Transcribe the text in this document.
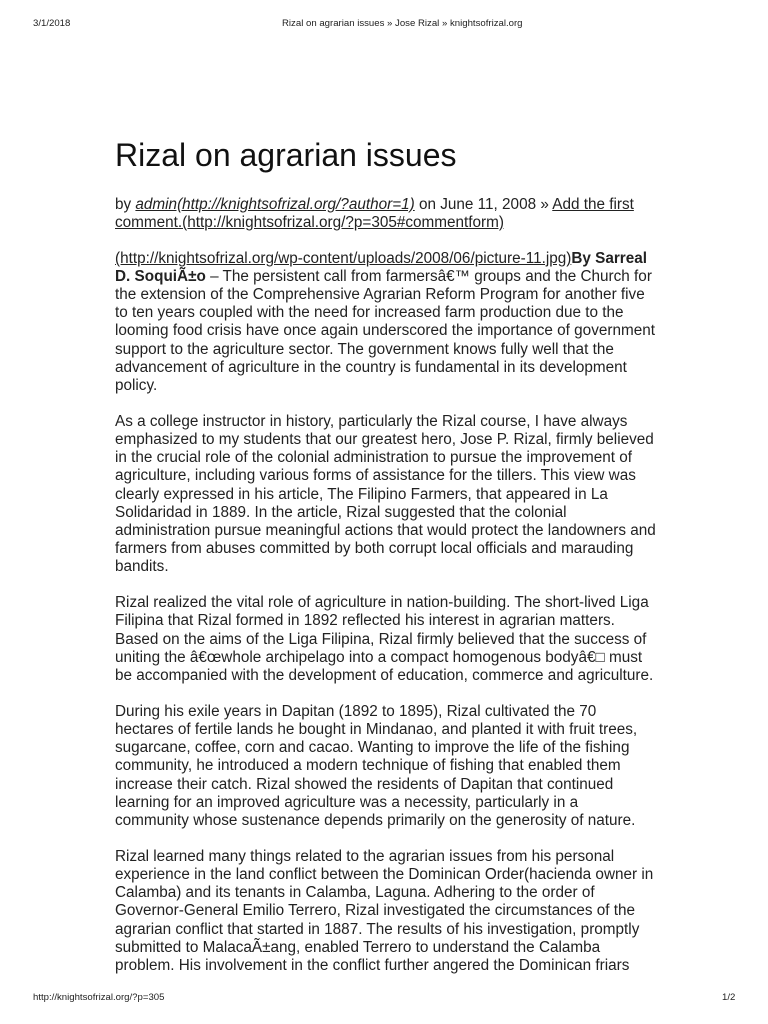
3/1/2018	Rizal on agrarian issues » Jose Rizal » knightsofrizal.org
Rizal on agrarian issues
by admin(http://knightsofrizal.org/?author=1) on June 11, 2008 » Add the first
comment.(http://knightsofrizal.org/?p=305#commentform)
(http://knightsofrizal.org/wp-content/uploads/2008/06/picture-11.jpg)By Sarreal
D. SoquiÃ±o – The persistent call from farmersâ€™ groups and the Church for
the extension of the Comprehensive Agrarian Reform Program for another five
to ten years coupled with the need for increased farm production due to the
looming food crisis have once again underscored the importance of government
support to the agriculture sector. The government knows fully well that the
advancement of agriculture in the country is fundamental in its development
policy.
As a college instructor in history, particularly the Rizal course, I have always
emphasized to my students that our greatest hero, Jose P. Rizal, firmly believed
in the crucial role of the colonial administration to pursue the improvement of
agriculture, including various forms of assistance for the tillers. This view was
clearly expressed in his article, The Filipino Farmers, that appeared in La
Solidaridad in 1889. In the article, Rizal suggested that the colonial
administration pursue meaningful actions that would protect the landowners and
farmers from abuses committed by both corrupt local officials and marauding
bandits.
Rizal realized the vital role of agriculture in nation-building. The short-lived Liga
Filipina that Rizal formed in 1892 reflected his interest in agrarian matters.
Based on the aims of the Liga Filipina, Rizal firmly believed that the success of
uniting the â€œwhole archipelago into a compact homogenous bodyâ€□ must
be accompanied with the development of education, commerce and agriculture.
During his exile years in Dapitan (1892 to 1895), Rizal cultivated the 70
hectares of fertile lands he bought in Mindanao, and planted it with fruit trees,
sugarcane, coffee, corn and cacao. Wanting to improve the life of the fishing
community, he introduced a modern technique of fishing that enabled them
increase their catch. Rizal showed the residents of Dapitan that continued
learning for an improved agriculture was a necessity, particularly in a
community whose sustenance depends primarily on the generosity of nature.
Rizal learned many things related to the agrarian issues from his personal
experience in the land conflict between the Dominican Order(hacienda owner in
Calamba) and its tenants in Calamba, Laguna. Adhering to the order of
Governor-General Emilio Terrero, Rizal investigated the circumstances of the
agrarian conflict that started in 1887. The results of his investigation, promptly
submitted to MalacaÃ±ang, enabled Terrero to understand the Calamba
problem. His involvement in the conflict further angered the Dominican friars
http://knightsofrizal.org/?p=305	1/2
